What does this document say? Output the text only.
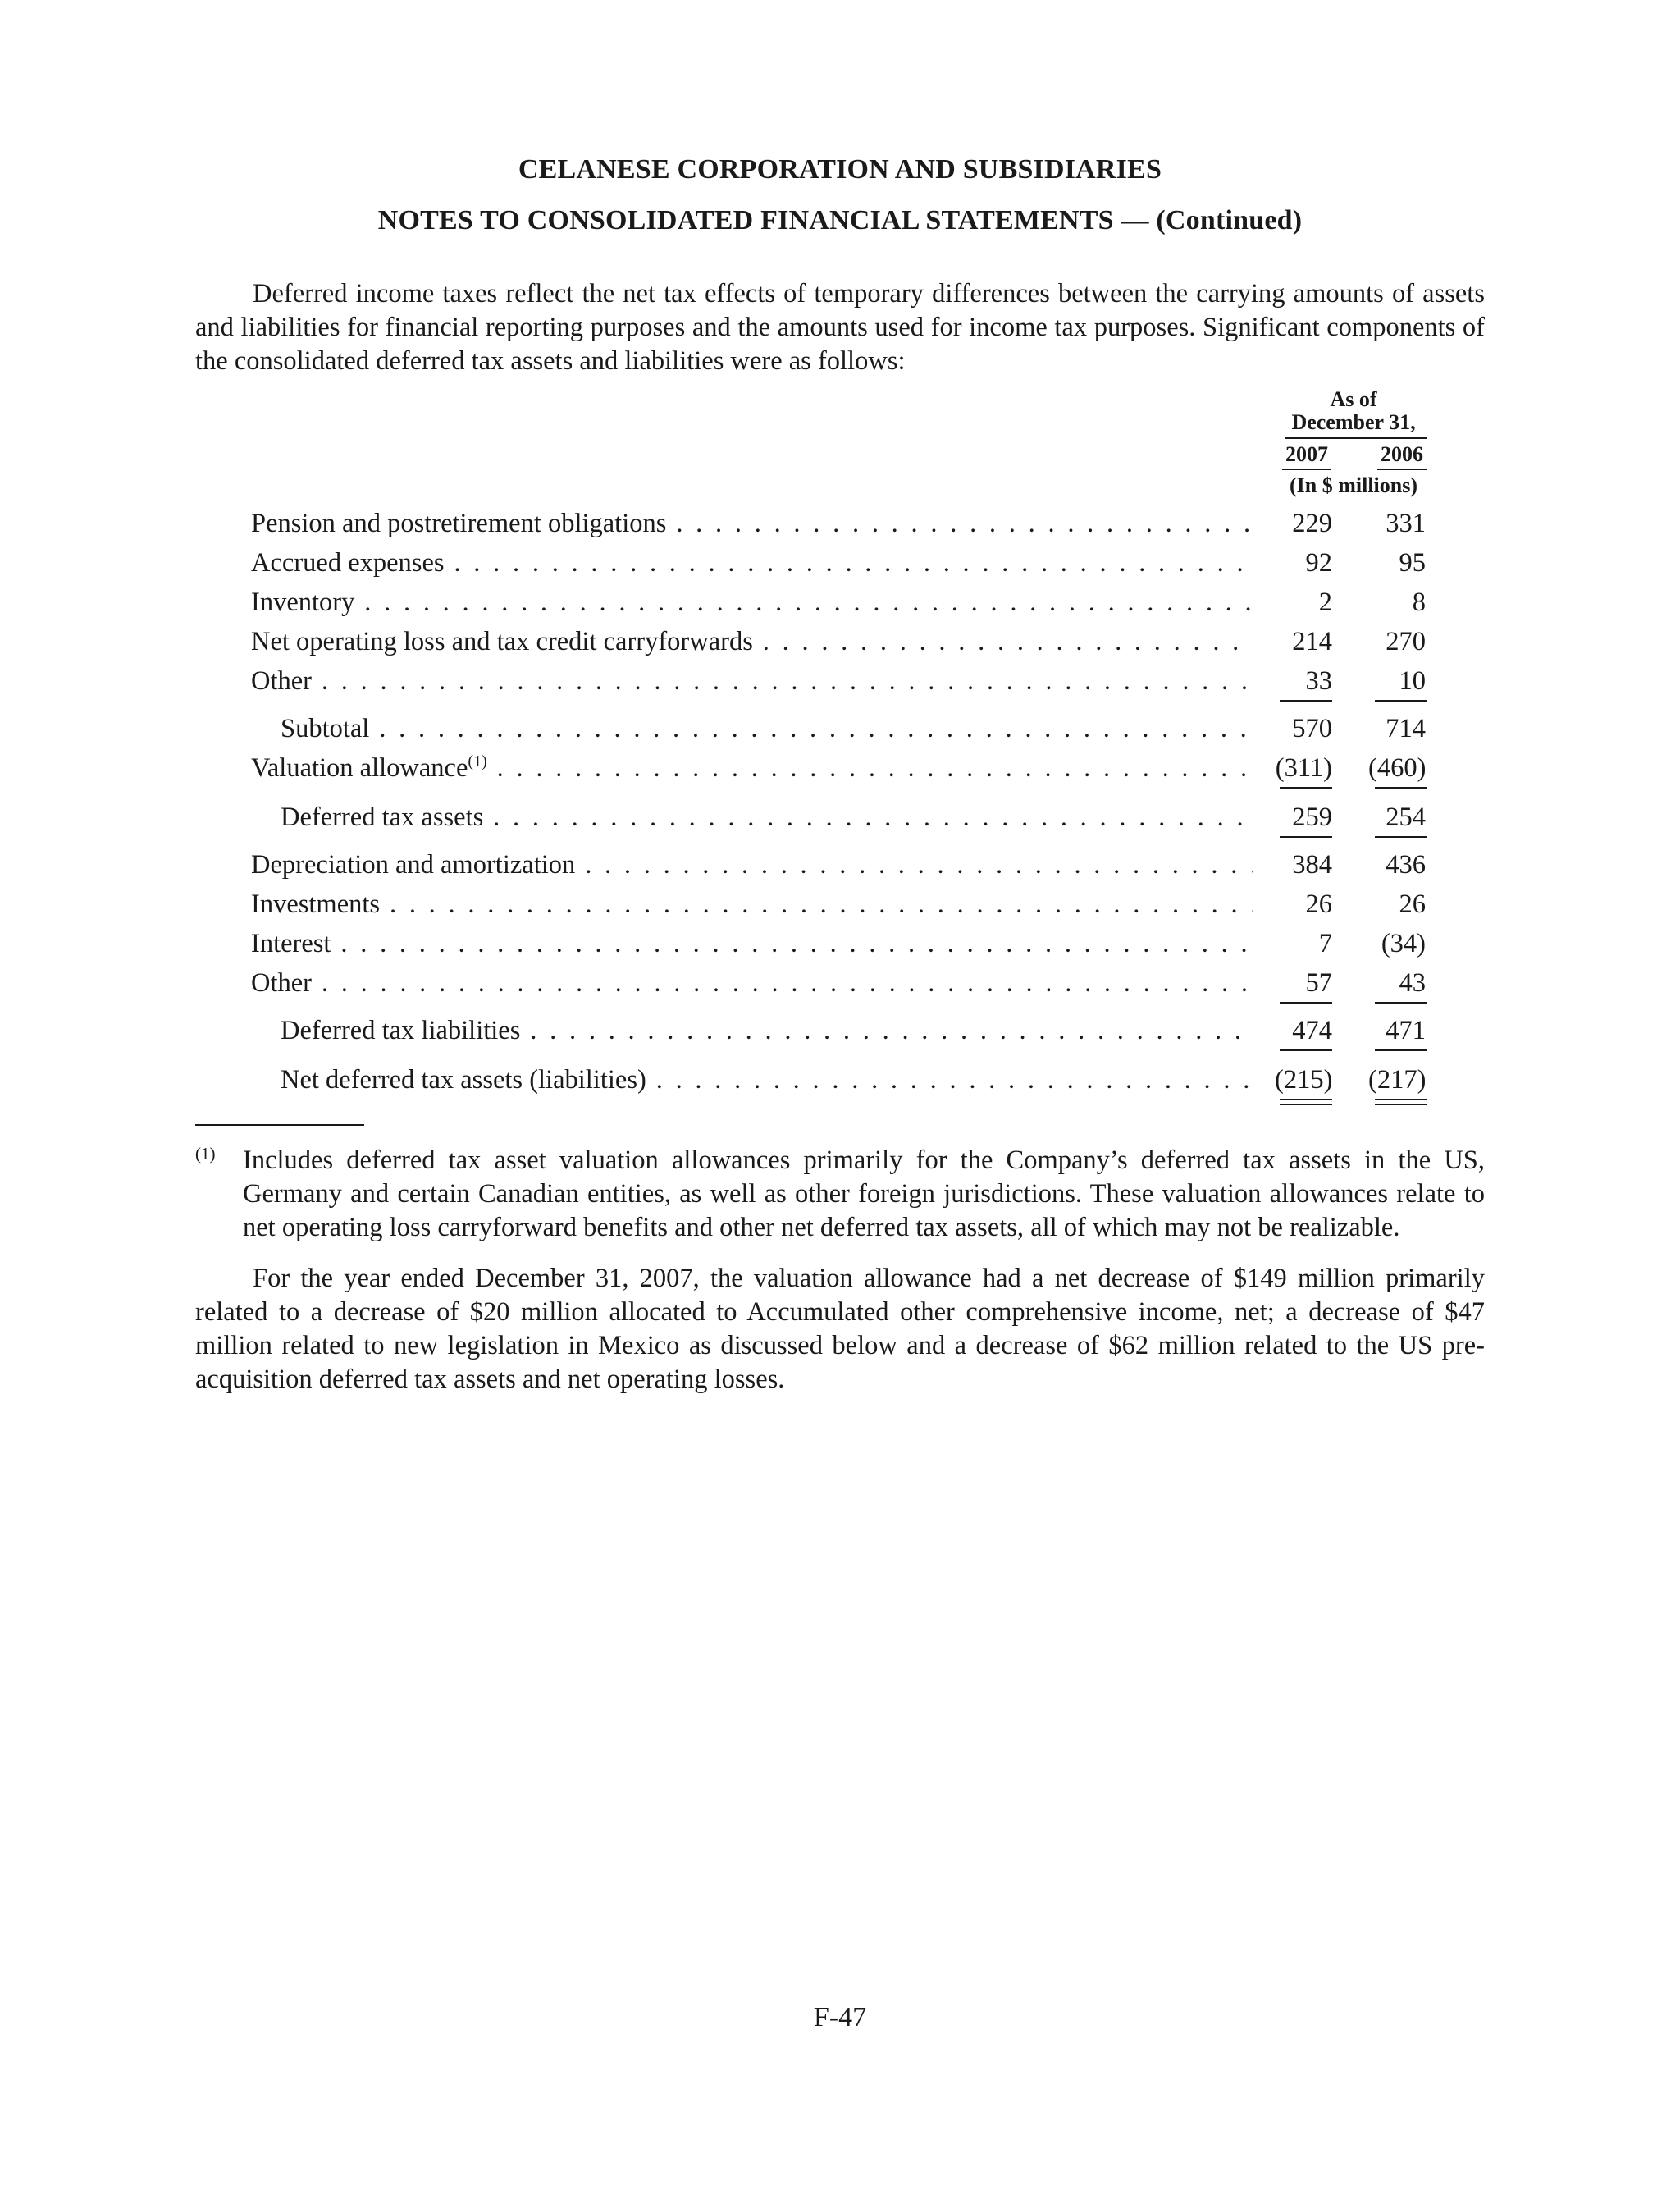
CELANESE CORPORATION AND SUBSIDIARIES
NOTES TO CONSOLIDATED FINANCIAL STATEMENTS — (Continued)
Deferred income taxes reflect the net tax effects of temporary differences between the carrying amounts of assets and liabilities for financial reporting purposes and the amounts used for income tax purposes. Significant components of the consolidated deferred tax assets and liabilities were as follows:
As of
December 31,
2007 2006
(In $ millions)
Pension and postretirement obligations . . .	229	331
Accrued expenses . . .	92	95
Inventory . . .	2	8
Net operating loss and tax credit carryforwards . . .	214	270
Other . . .	33	10
Subtotal . . .	570	714
Valuation allowance$^{(1)}$ . . .	(311) (460)
Deferred tax assets . . .	259	254
Depreciation and amortization . . .	384	436
Investments . . .	26	26
Interest . . .	7	(34)
Other . . .	57	43
Deferred tax liabilities . . .	474	471
Net deferred tax assets (liabilities) . . .	(215) (217)
(1) Includes deferred tax asset valuation allowances primarily for the Company’s deferred tax assets in the US, Germany and certain Canadian entities, as well as other foreign jurisdictions. These valuation allowances relate to net operating loss carryforward benefits and other net deferred tax assets, all of which may not be realizable.
For the year ended December 31, 2007, the valuation allowance had a net decrease of $149 million primarily related to a decrease of $20 million allocated to Accumulated other comprehensive income, net; a decrease of $47 million related to new legislation in Mexico as discussed below and a decrease of $62 million related to the US pre-acquisition deferred tax assets and net operating losses.
F-47
